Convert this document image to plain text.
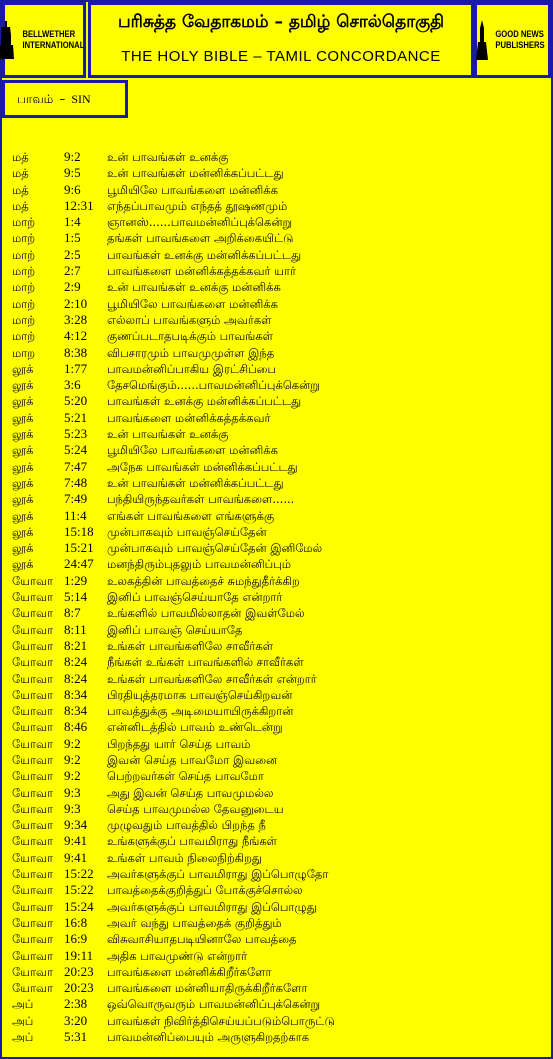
BELLWETHER
INTERNATIONAL
பரிசுத்த வேதாகமம் – தமிழ் சொல்தொகுதி
THE HOLY BIBLE – TAMIL CONCORDANCE
GOOD NEWS
PUBLISHERS
பாவம் – SIN
மத்	9:2	உன் பாவங்கள் உனக்கு
மத்	9:5	உன் பாவங்கள் மன்னிக்கப்பட்டது
மத்	9:6	பூமியிலே பாவங்களை மன்னிக்க
மத்	12:31	எந்தப்பாவமும் எந்தத் தூஷணமும்
மாற்	1:4	ஞானஸ்......பாவமன்னிப்புக்கென்று
மாற்	1:5	தங்கள் பாவங்களை அறிக்கையிட்டு
மாற்	2:5	பாவங்கள் உனக்கு மன்னிக்கப்பட்டது
மாற்	2:7	பாவங்களை மன்னிக்கத்தக்கவர் யார்
மாற்	2:9	உன் பாவங்கள் உனக்கு மன்னிக்க
மாற்	2:10	பூமியிலே பாவங்களை மன்னிக்க
மாற்	3:28	எல்லாப் பாவங்களும் அவர்கள்
மாற்	4:12	குணப்படாதபடிக்கும் பாவங்கள்
மாற	8:38	விபசாரமும் பாவமுமுள்ள இந்த
லூக்	1:77	பாவமன்னிப்பாகிய இரட்சிப்பை
லூக்	3:6	தேசமெங்கும்......பாவமன்னிப்புக்கென்று
லூக்	5:20	பாவங்கள் உனக்கு மன்னிக்கப்பட்டது
லூக்	5:21	பாவங்களை மன்னிக்கத்தக்கவர்
லூக்	5:23	உன் பாவங்கள் உனக்கு
லூக்	5:24	பூமியிலே பாவங்களை மன்னிக்க
லூக்	7:47	அநேக பாவங்கள் மன்னிக்கப்பட்டது
லூக்	7:48	உன் பாவங்கள் மன்னிக்கப்பட்டது
லூக்	7:49	பந்தியிருந்தவர்கள் பாவங்களை......
லூக்	11:4	எங்கள் பாவங்களை எங்களுக்கு
லூக்	15:18	முன்பாகவும் பாவஞ்செய்தேன்
லூக்	15:21	முன்பாகவும் பாவஞ்செய்தேன் இனிமேல்
லூக்	24:47	மனந்திரும்புதலும் பாவமன்னிப்பும்
யோவா 1:29	உலகத்தின் பாவத்தைச் சுமந்துதீர்க்கிற
யோவா 5:14	இனிப் பாவஞ்செய்யாதே என்றார்
யோவா 8:7	உங்களில் பாவமில்லாதன் இவள்மேல்
யோவா 8:11	இனிப் பாவஞ் செய்யாதே
யோவா 8:21	உங்கள் பாவங்களிலே சாவீர்கள்
யோவா 8:24	நீங்கள் உங்கள் பாவங்களில் சாவீர்கள்
யோவா 8:24	உங்கள் பாவங்களிலே சாவீர்கள் என்றார்
யோவா 8:34	பிரதியுத்தரமாக பாவஞ்செய்கிறவன்
யோவா 8:34	பாவத்துக்கு அடிமையாயிருக்கிறான்
யோவா 8:46	என்னிடத்தில் பாவம் உண்டென்று
யோவா 9:2	பிறந்தது யார் செய்த பாவம்
யோவா 9:2	இவன் செய்த பாவமோ இவனை
யோவா 9:2	பெற்றவர்கள் செய்த பாவமோ
யோவா 9:3	அது இவன் செய்த பாவமுமல்ல
யோவா 9:3	செய்த பாவமுமல்ல தேவனுடைய
யோவா 9:34	முழுவதும் பாவத்தில் பிறந்த நீ
யோவா 9:41	உங்களுக்குப் பாவமிராது நீங்கள்
யோவா 9:41	உங்கள் பாவம் நிலைநிற்கிறது
யோவா 15:22	அவர்களுக்குப் பாவமிராது இப்பொழுதோ
யோவா 15:22	பாவத்தைக்குறித்துப் போக்குச்சொல்ல
யோவா 15:24	அவர்களுக்குப் பாவமிராது இப்பொழுது
யோவா 16:8	அவர் வந்து பாவத்தைக் குறித்தும்
யோவா 16:9	விசுவாசியாதபடியினாலே பாவத்தை
யோவா 19:11	அதிக பாவமுண்டு என்றார்
யோவா 20:23	பாவங்களை மன்னிக்கிறீர்களோ
யோவா 20:23	பாவங்களை மன்னியாதிருக்கிறீர்களோ
அப்	2:38	ஒவ்வொருவரும் பாவமன்னிப்புக்கென்று
அப்	3:20	பாவங்கள் நிவிர்த்திசெய்யப்படும்பொருட்டு
அப்	5:31	பாவமன்னிப்பையும் அருளுகிறதற்காக
